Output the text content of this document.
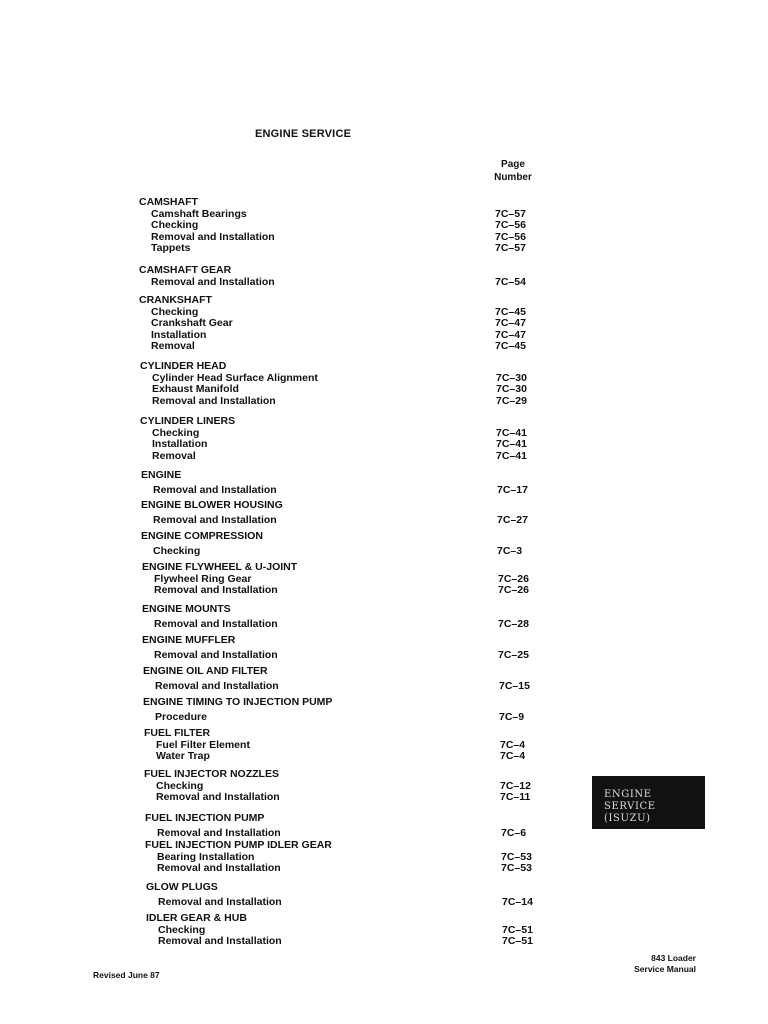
ENGINE SERVICE
Page
Number
CAMSHAFT
Camshaft Bearings	7C–57
Checking	7C–56
Removal and Installation	7C–56
Tappets	7C–57
CAMSHAFT GEAR
Removal and Installation	7C–54
CRANKSHAFT
Checking	7C–45
Crankshaft Gear	7C–47
Installation	7C–47
Removal	7C–45
CYLINDER HEAD
Cylinder Head Surface Alignment	7C–30
Exhaust Manifold	7C–30
Removal and Installation	7C–29
CYLINDER LINERS
Checking	7C–41
Installation	7C–41
Removal	7C–41
ENGINE
Removal and Installation	7C–17
ENGINE BLOWER HOUSING
Removal and Installation	7C–27
ENGINE COMPRESSION
Checking	7C–3
ENGINE FLYWHEEL & U-JOINT
Flywheel Ring Gear	7C–26
Removal and Installation	7C–26
ENGINE MOUNTS
Removal and Installation	7C–28
ENGINE MUFFLER
Removal and Installation	7C–25
ENGINE OIL AND FILTER
Removal and Installation	7C–15
ENGINE TIMING TO INJECTION PUMP
Procedure	7C–9
FUEL FILTER
Fuel Filter Element	7C–4
Water Trap	7C–4
FUEL INJECTOR NOZZLES
Checking	7C–12
Removal and Installation	7C–11
FUEL INJECTION PUMP
Removal and Installation	7C–6
FUEL INJECTION PUMP IDLER GEAR
Bearing Installation	7C–53
Removal and Installation	7C–53
GLOW PLUGS
Removal and Installation	7C–14
IDLER GEAR & HUB
Checking	7C–51
Removal and Installation	7C–51
ENGINE SERVICE
(ISUZU)
Revised June 87
843 Loader
Service Manual
